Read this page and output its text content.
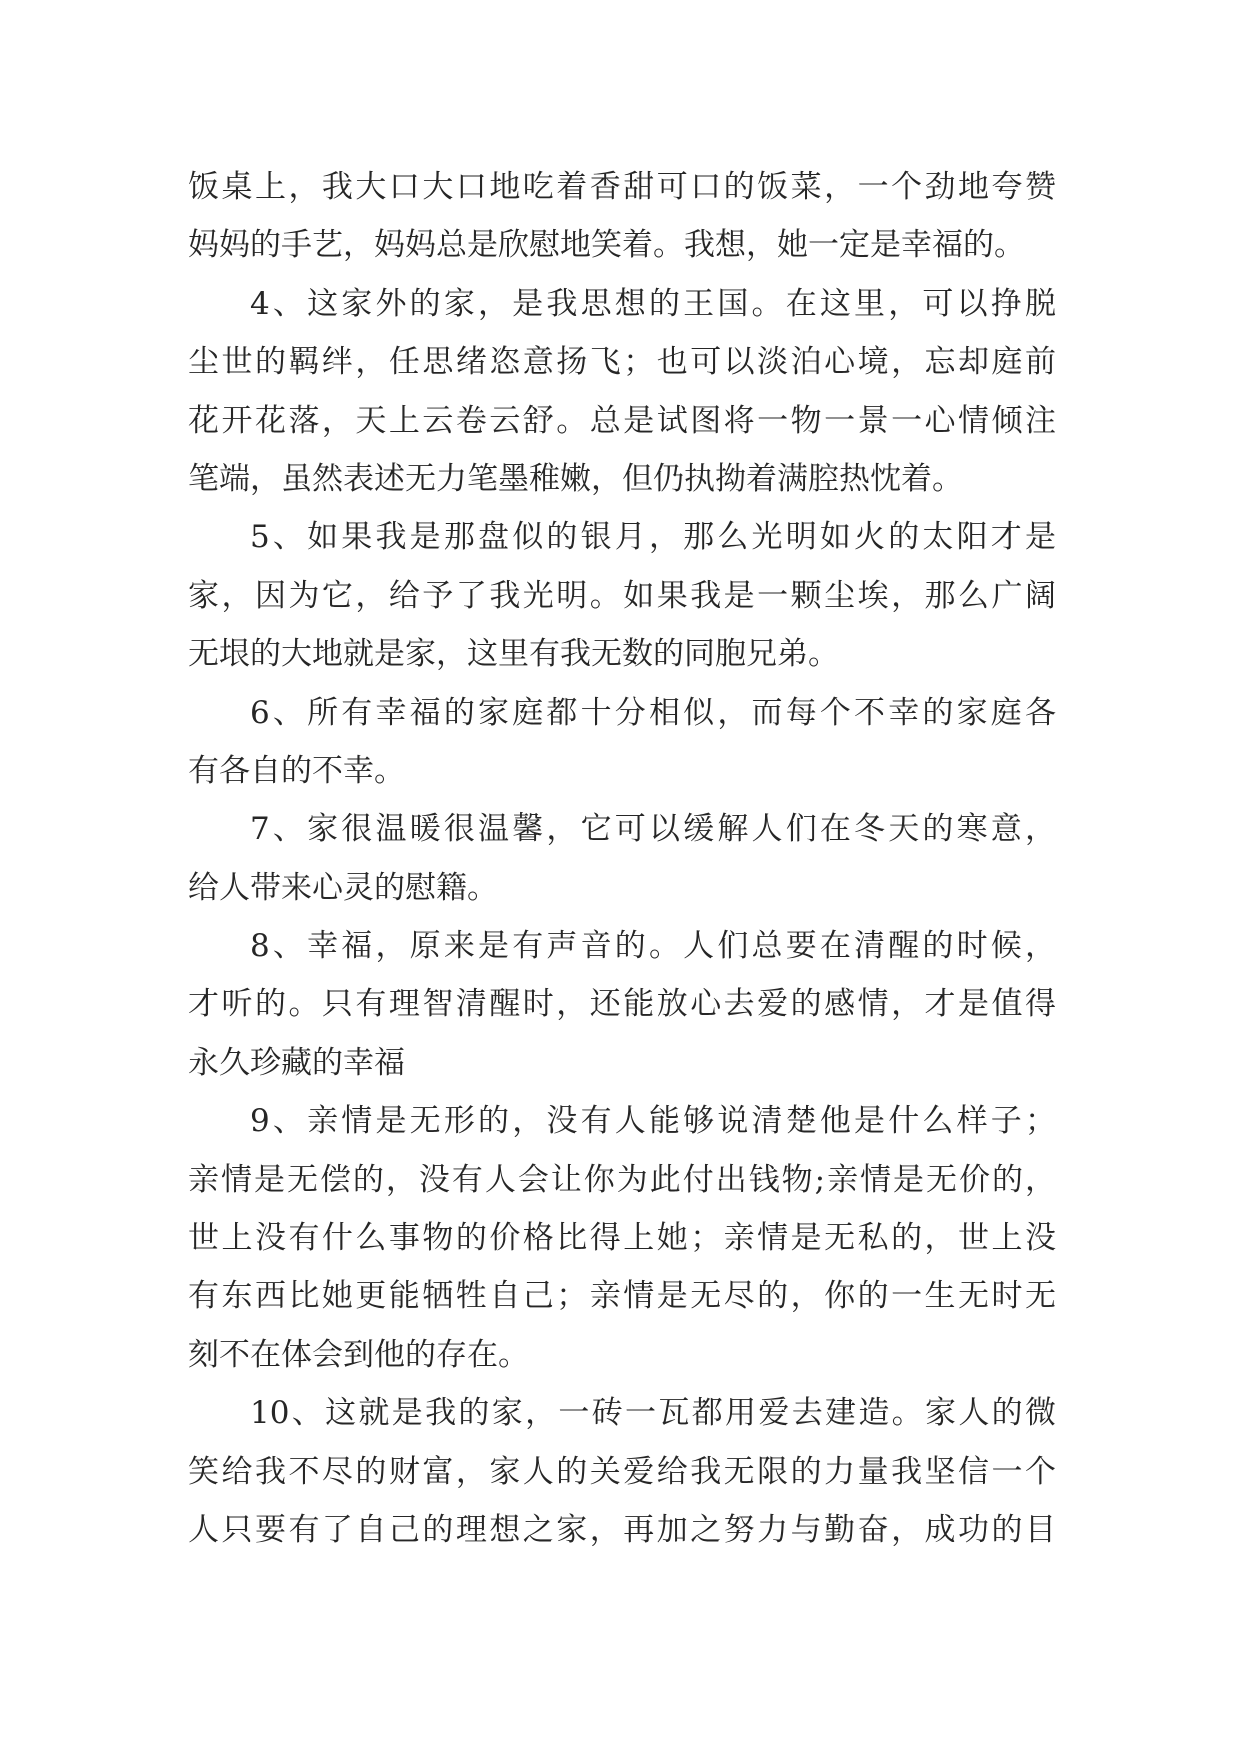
饭桌上，我大口大口地吃着香甜可口的饭菜，一个劲地夸赞
妈妈的手艺，妈妈总是欣慰地笑着。我想，她一定是幸福的。
4、这家外的家，是我思想的王国。在这里，可以挣脱
尘世的羁绊，任思绪恣意扬飞；也可以淡泊心境，忘却庭前
花开花落，天上云卷云舒。总是试图将一物一景一心情倾注
笔端，虽然表述无力笔墨稚嫩，但仍执拗着满腔热忱着。
5、如果我是那盘似的银月，那么光明如火的太阳才是
家，因为它，给予了我光明。如果我是一颗尘埃，那么广阔
无垠的大地就是家，这里有我无数的同胞兄弟。
6、所有幸福的家庭都十分相似，而每个不幸的家庭各
有各自的不幸。
7、家很温暖很温馨，它可以缓解人们在冬天的寒意，
给人带来心灵的慰籍。
8、幸福，原来是有声音的。人们总要在清醒的时候，
才听的。只有理智清醒时，还能放心去爱的感情，才是值得
永久珍藏的幸福
9、亲情是无形的，没有人能够说清楚他是什么样子；
亲情是无偿的，没有人会让你为此付出钱物;亲情是无价的，
世上没有什么事物的价格比得上她；亲情是无私的，世上没
有东西比她更能牺牲自己；亲情是无尽的，你的一生无时无
刻不在体会到他的存在。
10、这就是我的家，一砖一瓦都用爱去建造。家人的微
笑给我不尽的财富，家人的关爱给我无限的力量我坚信一个
人只要有了自己的理想之家，再加之努力与勤奋，成功的目
